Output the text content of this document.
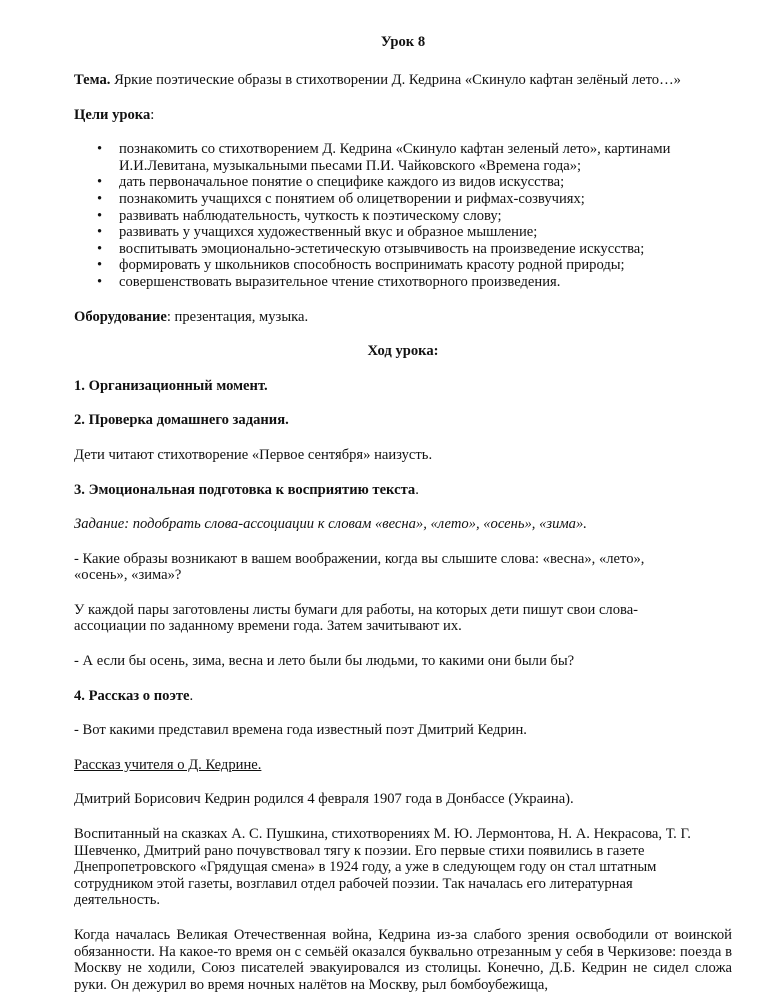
Урок 8

Тема. Яркие поэтические образы в стихотворении Д. Кедрина «Скинуло кафтан зелёный лето…»

Цели урока:

• познакомить со стихотворением Д. Кедрина «Скинуло кафтан зеленый лето», картинами И.И.Левитана, музыкальными пьесами П.И. Чайковского «Времена года»;
• дать первоначальное понятие о специфике каждого из видов искусства;
• познакомить учащихся с понятием об олицетворении и рифмах-созвучиях;
• развивать наблюдательность, чуткость к поэтическому слову;
• развивать у учащихся художественный вкус и образное мышление;
• воспитывать эмоционально-эстетическую отзывчивость на произведение искусства;
• формировать у школьников способность воспринимать красоту родной природы;
• совершенствовать выразительное чтение стихотворного произведения.

Оборудование: презентация, музыка.

Ход урока:

1. Организационный момент.

2. Проверка домашнего задания.

Дети читают стихотворение «Первое сентября» наизусть.

3. Эмоциональная подготовка к восприятию текста.

Задание: подобрать слова-ассоциации к словам «весна», «лето», «осень», «зима».

- Какие образы возникают в вашем воображении, когда вы слышите слова: «весна», «лето», «осень», «зима»?

У каждой пары заготовлены листы бумаги для работы, на которых дети пишут свои слова-ассоциации по заданному времени года. Затем зачитывают их.

- А если бы осень, зима, весна и лето были бы людьми, то какими они были бы?

4. Рассказ о поэте.

- Вот какими представил времена года известный поэт Дмитрий Кедрин.

Рассказ учителя о Д. Кедрине.

Дмитрий Борисович Кедрин родился 4 февраля 1907 года в Донбассе (Украина).

Воспитанный на сказках А. С. Пушкина, стихотворениях М. Ю. Лермонтова, Н. А. Некрасова, Т. Г. Шевченко, Дмитрий рано почувствовал тягу к поэзии. Его первые стихи появились в газете Днепропетровского «Грядущая смена» в 1924 году, а уже в следующем году он стал штатным сотрудником этой газеты, возглавил отдел рабочей поэзии. Так началась его литературная деятельность.

Когда началась Великая Отечественная война, Кедрина из-за слабого зрения освободили от воинской обязанности. На какое-то время он с семьёй оказался буквально отрезанным у себя в Черкизове: поезда в Москву не ходили, Союз писателей эвакуировался из столицы. Конечно, Д.Б. Кедрин не сидел сложа руки. Он дежурил во время ночных налётов на Москву, рыл бомбоубежища,
